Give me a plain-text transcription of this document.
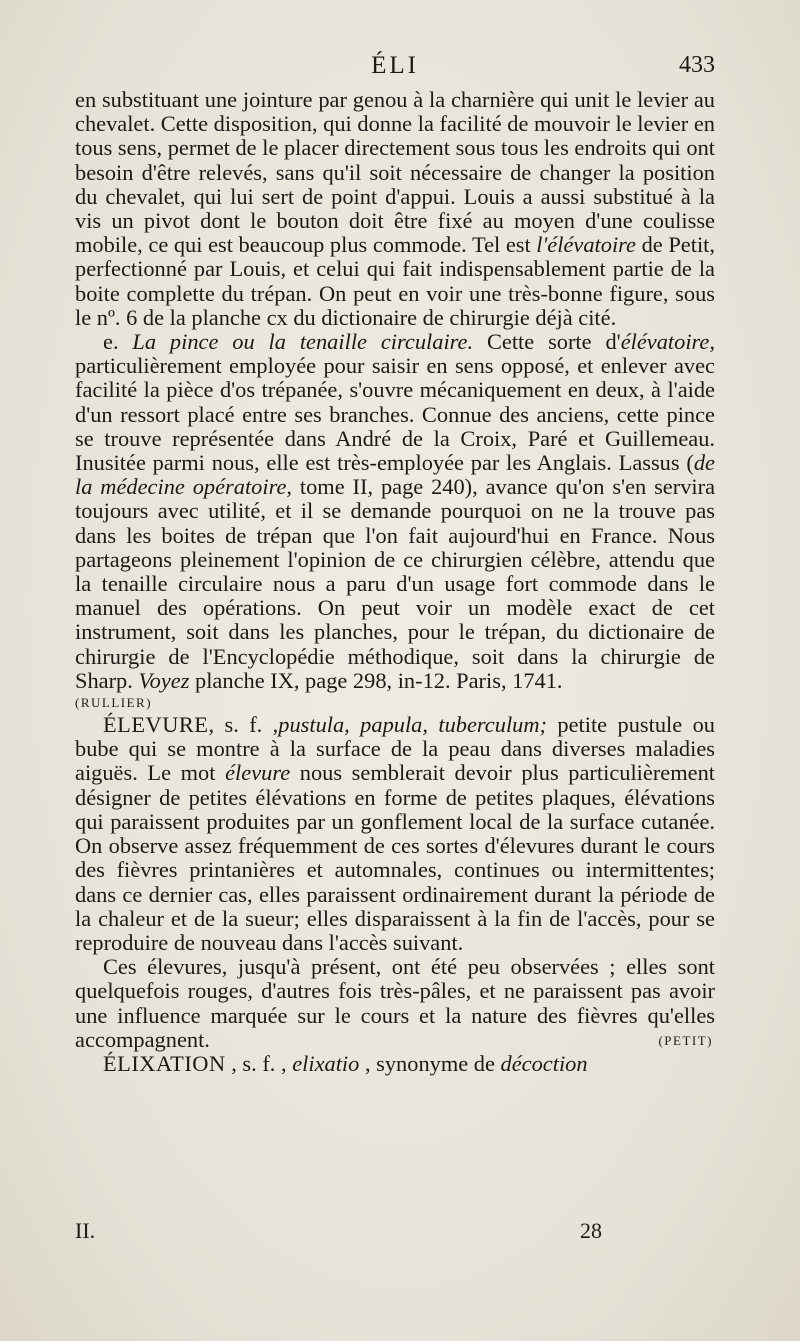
ÉLI	433

en substituant une jointure par genou à la charnière qui unit le levier au chevalet. Cette disposition, qui donne la facilité de mouvoir le levier en tous sens, permet de le placer directement sous tous les endroits qui ont besoin d'être relevés, sans qu'il soit nécessaire de changer la position du chevalet, qui lui sert de point d'appui. Louis a aussi substitué à la vis un pivot dont le bouton doit être fixé au moyen d'une coulisse mobile, ce qui est beaucoup plus commode. Tel est l'élévatoire de Petit, perfectionné par Louis, et celui qui fait indispensablement partie de la boite complette du trépan. On peut en voir une très-bonne figure, sous le nº. 6 de la planche cx du dictionaire de chirurgie déjà cité.

e. La pince ou la tenaille circulaire. Cette sorte d'élévatoire, particulièrement employée pour saisir en sens opposé, et enlever avec facilité la pièce d'os trépanée, s'ouvre mécaniquement en deux, à l'aide d'un ressort placé entre ses branches. Connue des anciens, cette pince se trouve représentée dans André de la Croix, Paré et Guillemeau. Inusitée parmi nous, elle est très-employée par les Anglais. Lassus (de la médecine opératoire, tome II, page 240), avance qu'on s'en servira toujours avec utilité, et il se demande pourquoi on ne la trouve pas dans les boites de trépan que l'on fait aujourd'hui en France. Nous partageons pleinement l'opinion de ce chirurgien célèbre, attendu que la tenaille circulaire nous a paru d'un usage fort commode dans le manuel des opérations. On peut voir un modèle exact de cet instrument, soit dans les planches, pour le trépan, du dictionaire de chirurgie de l'Encyclopédie méthodique, soit dans la chirurgie de Sharp. Voyez planche IX, page 298, in-12. Paris, 1741.

(RULLIER)

ÉLEVURE, s. f. ,pustula, papula, tuberculum; petite pustule ou bube qui se montre à la surface de la peau dans diverses maladies aiguës. Le mot élevure nous semblerait devoir plus particulièrement désigner de petites élévations en forme de petites plaques, élévations qui paraissent produites par un gonflement local de la surface cutanée. On observe assez fréquemment de ces sortes d'élevures durant le cours des fièvres printanières et automnales, continues ou intermittentes; dans ce dernier cas, elles paraissent ordinairement durant la période de la chaleur et de la sueur; elles disparaissent à la fin de l'accès, pour se reproduire de nouveau dans l'accès suivant.

Ces élevures, jusqu'à présent, ont été peu observées ; elles sont quelquefois rouges, d'autres fois très-pâles, et ne paraissent pas avoir une influence marquée sur le cours et la nature des fièvres qu'elles accompagnent.	(PETIT)

ÉLIXATION , s. f. , elixatio , synonyme de décoction

II.	28
